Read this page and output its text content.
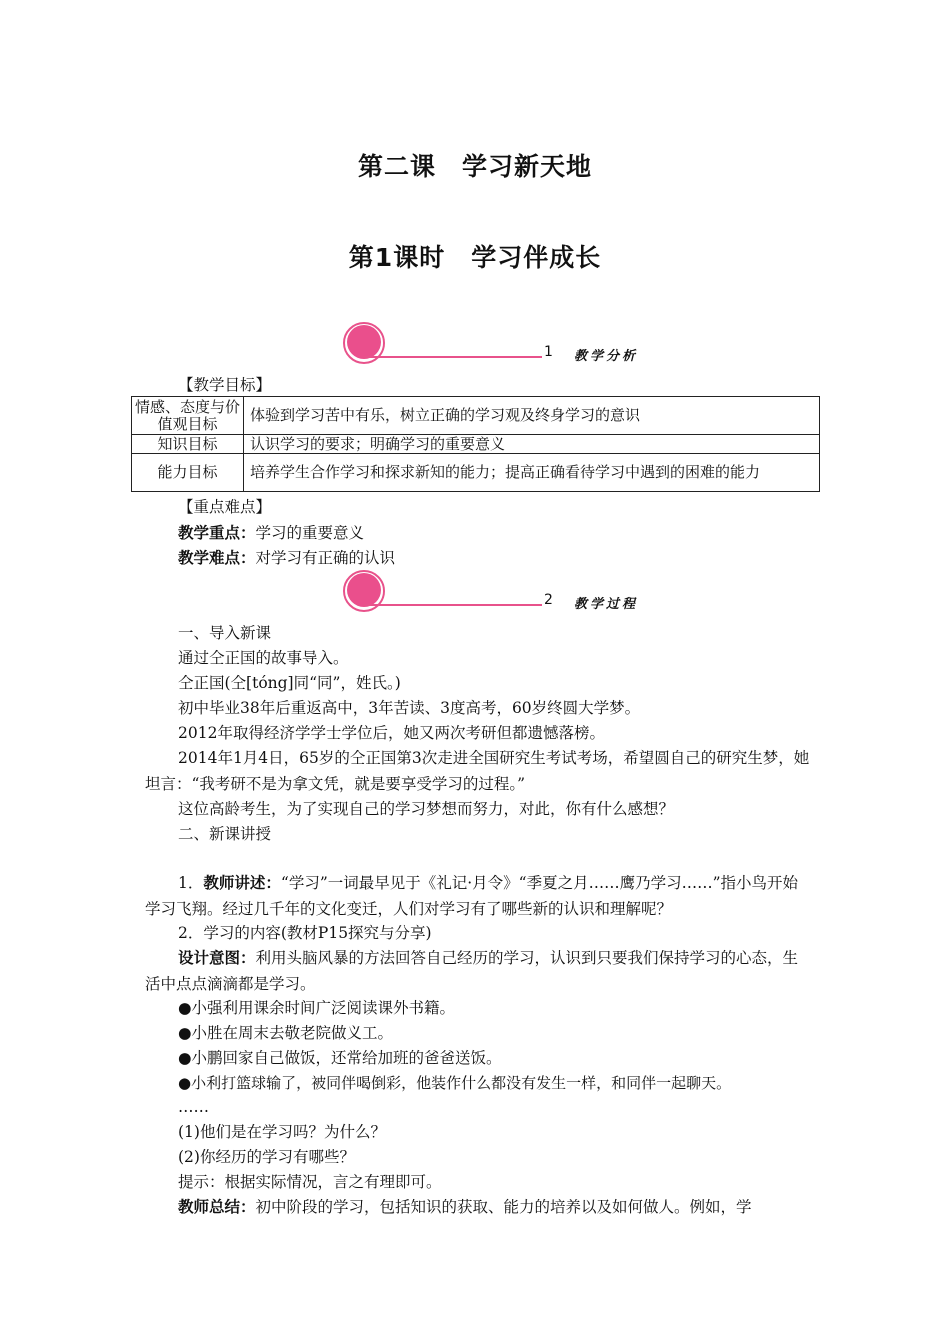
第二课　学习新天地
第1课时　学习伴成长
1 教学分析
【教学目标】
情感、态度与价值观目标	体验到学习苦中有乐，树立正确的学习观及终身学习的意识
知识目标	认识学习的要求；明确学习的重要意义
能力目标	培养学生合作学习和探求新知的能力；提高正确看待学习中遇到的困难的能力
【重点难点】
教学重点：学习的重要意义
教学难点：对学习有正确的认识
2 教学过程
一、导入新课
通过仝正国的故事导入。
仝正国(仝[tóng]同“同”，姓氏。)
初中毕业38年后重返高中，3年苦读、3度高考，60岁终圆大学梦。
2012年取得经济学学士学位后，她又两次考研但都遗憾落榜。
2014年1月4日，65岁的仝正国第3次走进全国研究生考试考场，希望圆自己的研究生梦，她坦言：“我考研不是为拿文凭，就是要享受学习的过程。”
这位高龄考生，为了实现自己的学习梦想而努力，对此，你有什么感想？
二、新课讲授
1．教师讲述：“学习”一词最早见于《礼记·月令》“季夏之月……鹰乃学习……”指小鸟开始学习飞翔。经过几千年的文化变迁，人们对学习有了哪些新的认识和理解呢？
2．学习的内容(教材P15探究与分享)
设计意图：利用头脑风暴的方法回答自己经历的学习，认识到只要我们保持学习的心态，生活中点点滴滴都是学习。
●小强利用课余时间广泛阅读课外书籍。
●小胜在周末去敬老院做义工。
●小鹏回家自己做饭，还常给加班的爸爸送饭。
●小利打篮球输了，被同伴喝倒彩，他装作什么都没有发生一样，和同伴一起聊天。
……
(1)他们是在学习吗？为什么？
(2)你经历的学习有哪些？
提示：根据实际情况，言之有理即可。
教师总结：初中阶段的学习，包括知识的获取、能力的培养以及如何做人。例如，学
